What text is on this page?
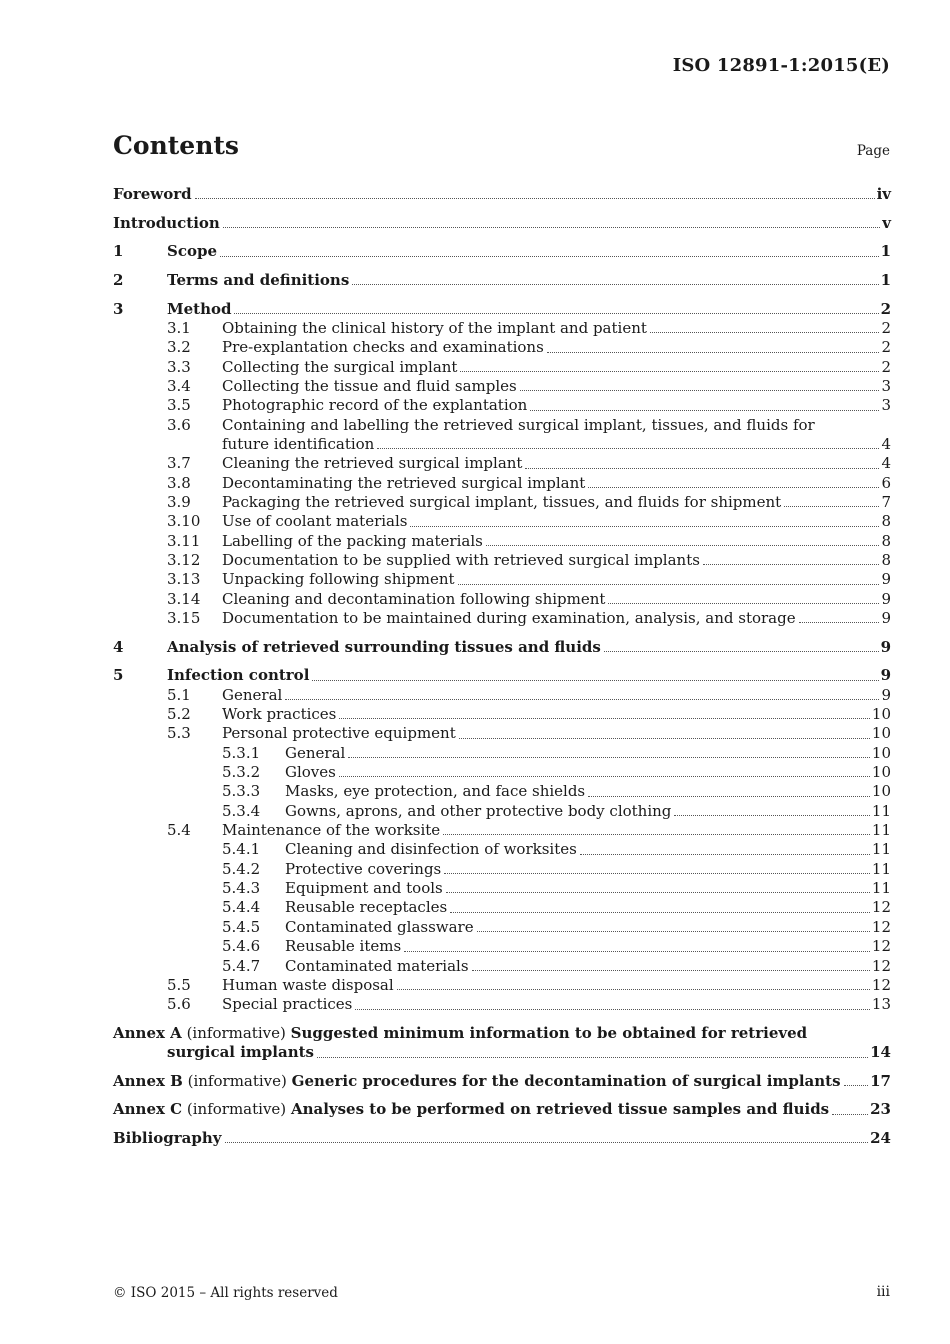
ISO 12891-1:2015(E)
Contents	Page
Foreword	iv
Introduction	v
1	Scope	1
2	Terms and definitions	1
3	Method	2
3.1	Obtaining the clinical history of the implant and patient	2
3.2	Pre-explantation checks and examinations	2
3.3	Collecting the surgical implant	2
3.4	Collecting the tissue and fluid samples	3
3.5	Photographic record of the explantation	3
3.6	Containing and labelling the retrieved surgical implant, tissues, and fluids for
future identification	4
3.7	Cleaning the retrieved surgical implant	4
3.8	Decontaminating the retrieved surgical implant	6
3.9	Packaging the retrieved surgical implant, tissues, and fluids for shipment	7
3.10	Use of coolant materials	8
3.11	Labelling of the packing materials	8
3.12	Documentation to be supplied with retrieved surgical implants	8
3.13	Unpacking following shipment	9
3.14	Cleaning and decontamination following shipment	9
3.15	Documentation to be maintained during examination, analysis, and storage	9
4	Analysis of retrieved surrounding tissues and fluids	9
5	Infection control	9
5.1	General	9
5.2	Work practices	10
5.3	Personal protective equipment	10
5.3.1	General	10
5.3.2	Gloves	10
5.3.3	Masks, eye protection, and face shields	10
5.3.4	Gowns, aprons, and other protective body clothing	11
5.4	Maintenance of the worksite	11
5.4.1	Cleaning and disinfection of worksites	11
5.4.2	Protective coverings	11
5.4.3	Equipment and tools	11
5.4.4	Reusable receptacles	12
5.4.5	Contaminated glassware	12
5.4.6	Reusable items	12
5.4.7	Contaminated materials	12
5.5	Human waste disposal	12
5.6	Special practices	13
Annex A (informative) Suggested minimum information to be obtained for retrieved
surgical implants	14
Annex B (informative) Generic procedures for the decontamination of surgical implants 17
Annex C (informative) Analyses to be performed on retrieved tissue samples and fluids	23
Bibliography	24
© ISO 2015 – All rights reserved	iii
